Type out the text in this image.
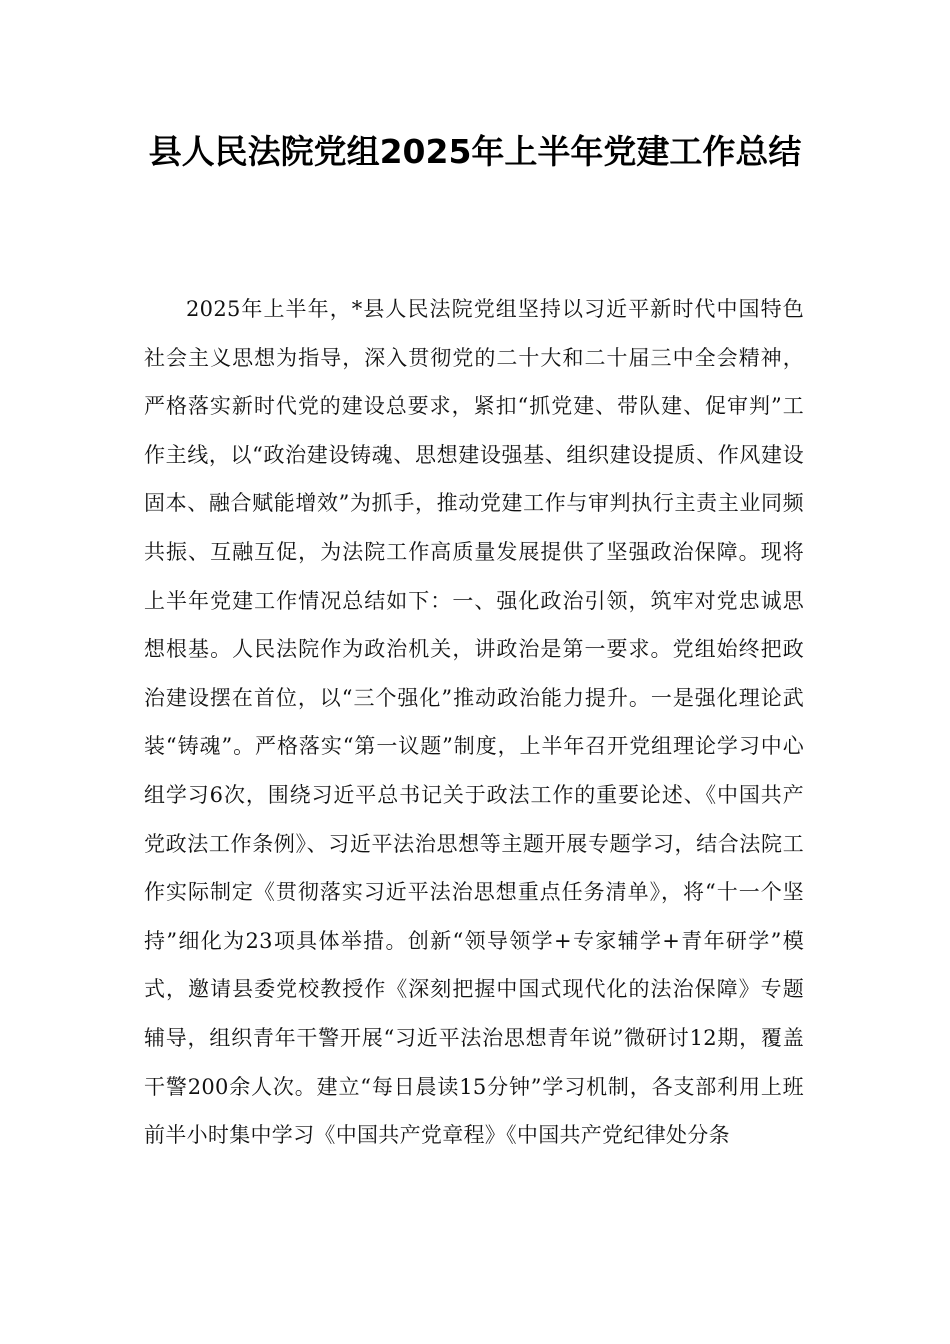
县人民法院党组2025年上半年党建工作总结

2025年上半年，*县人民法院党组坚持以习近平新时代中国特色社会主义思想为指导，深入贯彻党的二十大和二十届三中全会精神，严格落实新时代党的建设总要求，紧扣“抓党建、带队建、促审判”工作主线，以“政治建设铸魂、思想建设强基、组织建设提质、作风建设固本、融合赋能增效”为抓手，推动党建工作与审判执行主责主业同频共振、互融互促，为法院工作高质量发展提供了坚强政治保障。现将上半年党建工作情况总结如下：一、强化政治引领，筑牢对党忠诚思想根基。人民法院作为政治机关，讲政治是第一要求。党组始终把政治建设摆在首位，以“三个强化”推动政治能力提升。一是强化理论武装“铸魂”。严格落实“第一议题”制度，上半年召开党组理论学习中心组学习6次，围绕习近平总书记关于政法工作的重要论述、《中国共产党政法工作条例》、习近平法治思想等主题开展专题学习，结合法院工作实际制定《贯彻落实习近平法治思想重点任务清单》，将“十一个坚持”细化为23项具体举措。创新“领导领学+专家辅学+青年研学”模式，邀请县委党校教授作《深刻把握中国式现代化的法治保障》专题辅导，组织青年干警开展“习近平法治思想青年说”微研讨12期，覆盖干警200余人次。建立“每日晨读15分钟”学习机制，各支部利用上班前半小时集中学习《中国共产党章程》《中国共产党纪律处分条
